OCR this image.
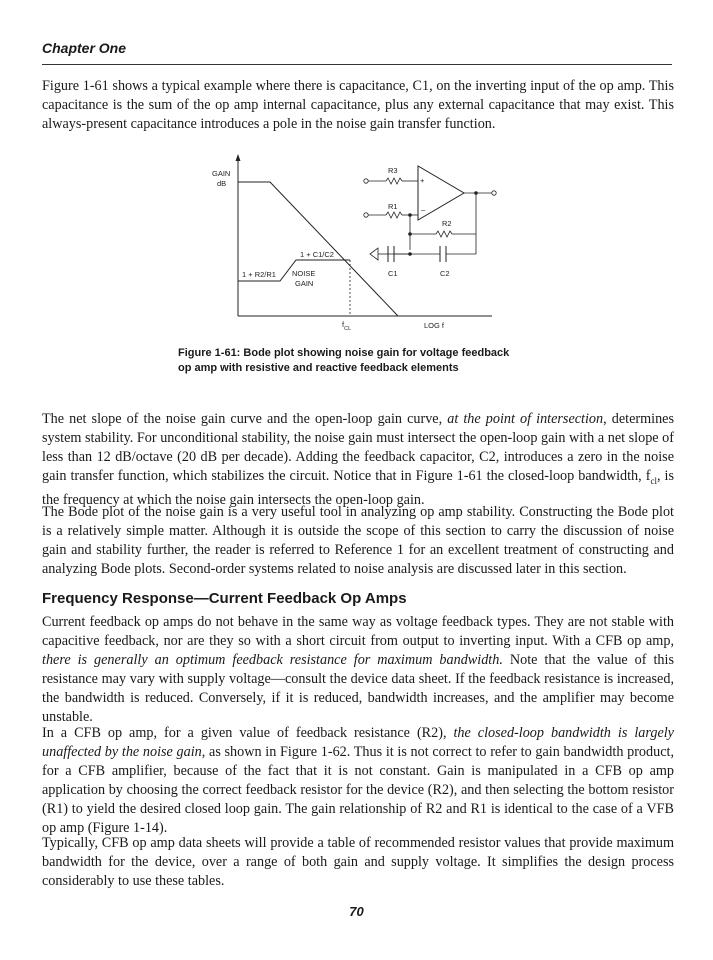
Chapter One

Figure 1-61 shows a typical example where there is capacitance, C1, on the inverting input of the op amp. This capacitance is the sum of the op amp internal capacitance, plus any external capacitance that may exist. This always-present capacitance introduces a pole in the noise gain transfer function.

GAIN
dB
LOG f
$f_{CL}$
1 + C1/C2
1 + R2/R1 NOISE
GAIN
+
–
R3
R1
R2
C1	C2

Figure 1-61: Bode plot showing noise gain for voltage feedback
op amp with resistive and reactive feedback elements

The net slope of the noise gain curve and the open-loop gain curve, at the point of intersection, determines system stability. For unconditional stability, the noise gain must intersect the open-loop gain with a net slope of less than 12 dB/octave (20 dB per decade). Adding the feedback capacitor, C2, introduces a zero in the noise gain transfer function, which stabilizes the circuit. Notice that in Figure 1-61 the closed-loop bandwidth, $f_{cl}$, is the frequency at which the noise gain intersects the open-loop gain.

The Bode plot of the noise gain is a very useful tool in analyzing op amp stability. Constructing the Bode plot is a relatively simple matter. Although it is outside the scope of this section to carry the discussion of noise gain and stability further, the reader is referred to Reference 1 for an excellent treatment of constructing and analyzing Bode plots. Second-order systems related to noise analysis are discussed later in this section.

Frequency Response—Current Feedback Op Amps

Current feedback op amps do not behave in the same way as voltage feedback types. They are not stable with capacitive feedback, nor are they so with a short circuit from output to inverting input. With a CFB op amp, there is generally an optimum feedback resistance for maximum bandwidth. Note that the value of this resistance may vary with supply voltage—consult the device data sheet. If the feedback resistance is increased, the bandwidth is reduced. Conversely, if it is reduced, bandwidth increases, and the amplifier may become unstable.

In a CFB op amp, for a given value of feedback resistance (R2), the closed-loop bandwidth is largely unaffected by the noise gain, as shown in Figure 1-62. Thus it is not correct to refer to gain bandwidth product, for a CFB amplifier, because of the fact that it is not constant. Gain is manipulated in a CFB op amp application by choosing the correct feedback resistor for the device (R2), and then selecting the bottom resistor (R1) to yield the desired closed loop gain. The gain relationship of R2 and R1 is identical to the case of a VFB op amp (Figure 1-14).

Typically, CFB op amp data sheets will provide a table of recommended resistor values that provide maximum bandwidth for the device, over a range of both gain and supply voltage. It simplifies the design process considerably to use these tables.

70
